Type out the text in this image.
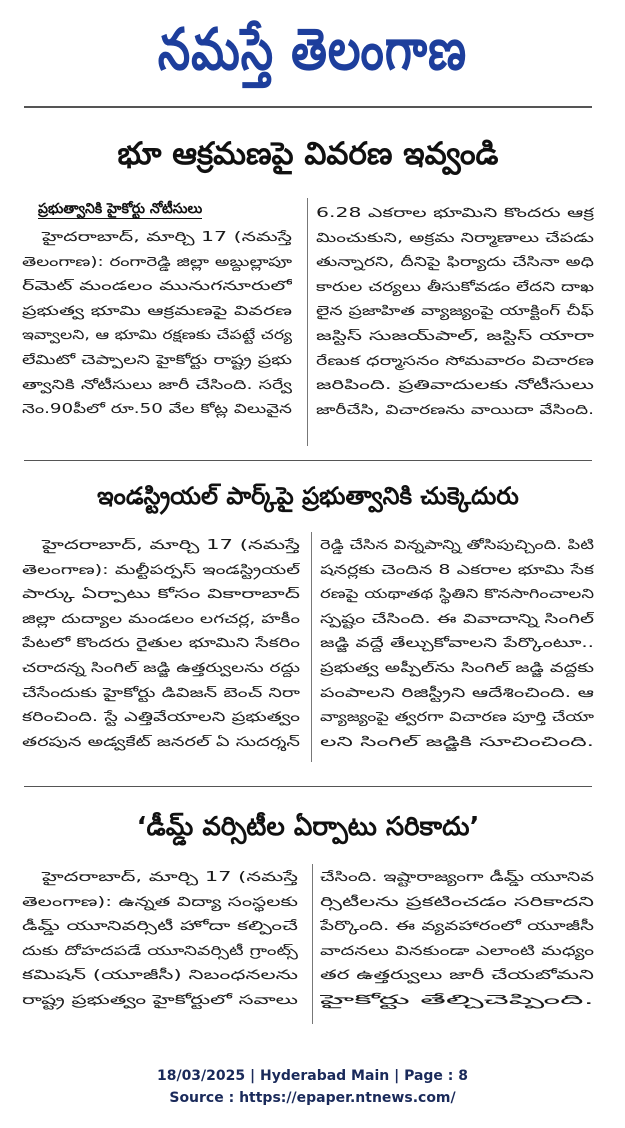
నమస్తే తెలంగాణ
భూ ఆక్రమణపై వివరణ ఇవ్వండి
ప్రభుత్వానికి హైకోర్టు నోటీసులు
హైదరాబాద్, మార్చి 17 (నమస్తే
తెలంగాణ): రంగారెడ్డి జిల్లా అబ్దుల్లాపూ
ర్‌మెట్ మండలం మునుగనూరులో
ప్రభుత్వ భూమి ఆక్రమణపై వివరణ
ఇవ్వాలని, ఆ భూమి రక్షణకు చేపట్టే చర్య
లేమిటో చెప్పాలని హైకోర్టు రాష్ట్ర ప్రభు
త్వానికి నోటీసులు జారీ చేసింది. సర్వే
నెం.90పీలో రూ.50 వేల కోట్ల విలువైన
6.28 ఎకరాల భూమిని కొందరు ఆక్ర
మించుకుని, అక్రమ నిర్మాణాలు చేపడు
తున్నారని, దీనిపై ఫిర్యాదు చేసినా అధి
కారుల చర్యలు తీసుకోవడం లేదని దాఖ
లైన ప్రజాహిత వ్యాజ్యంపై యాక్టింగ్ చీఫ్
జస్టిస్ సుజయ్‌పాల్, జస్టిస్ యారా
రేణుక ధర్మాసనం సోమవారం విచారణ
జరిపింది. ప్రతివాదులకు నోటీసులు
జారీచేసి, విచారణను వాయిదా వేసింది.
ఇండస్ట్రియల్ పార్క్‌పై ప్రభుత్వానికి చుక్కెదురు
హైదరాబాద్, మార్చి 17 (నమస్తే
తెలంగాణ): మల్టీపర్పస్ ఇండస్ట్రియల్
పార్కు ఏర్పాటు కోసం వికారాబాద్
జిల్లా దుద్యాల మండలం లగచర్ల, హకీం
పేటలో కొందరు రైతుల భూమిని సేకరిం
చరాదన్న సింగిల్ జడ్జి ఉత్తర్వులను రద్దు
చేసేందుకు హైకోర్టు డివిజన్ బెంచ్ నిరా
కరించింది. స్టే ఎత్తివేయాలని ప్రభుత్వం
తరపున అడ్వకేట్ జనరల్ ఏ సుదర్శన్
రెడ్డి చేసిన విన్నపాన్ని తోసిపుచ్చింది. పిటి
షనర్లకు చెందిన 8 ఎకరాల భూమి సేక
రణపై యథాతథ స్థితిని కొనసాగించాలని
స్పష్టం చేసింది. ఈ వివాదాన్ని సింగిల్
జడ్జి వద్దే తేల్చుకోవాలని పేర్కొంటూ..
ప్రభుత్వ అప్పీల్‌ను సింగిల్ జడ్జి వద్దకు
పంపాలని రిజిస్ట్రీని ఆదేశించింది. ఆ
వ్యాజ్యంపై త్వరగా విచారణ పూర్తి చేయా
లని సింగిల్ జడ్జికి సూచించింది.
‘డీమ్డ్ వర్సిటీల ఏర్పాటు సరికాదు’
హైదరాబాద్, మార్చి 17 (నమస్తే
తెలంగాణ): ఉన్నత విద్యా సంస్థలకు
డీమ్డ్ యూనివర్సిటీ హోదా కల్పించే
దుకు దోహదపడే యూనివర్సిటీ గ్రాంట్స్
కమిషన్ (యూజీసీ) నిబంధనలను
రాష్ట్ర ప్రభుత్వం హైకోర్టులో సవాలు
చేసింది. ఇష్టారాజ్యంగా డీమ్డ్ యూనివ
ర్సిటీలను ప్రకటించడం సరికాదని
పేర్కొంది. ఈ వ్యవహారంలో యూజీసీ
వాదనలు వినకుండా ఎలాంటి మధ్యం
తర ఉత్తర్వులు జారీ చేయబోమని
హైకోర్టు తేల్చిచెప్పింది.
18/03/2025 | Hyderabad Main | Page : 8
Source : https://epaper.ntnews.com/
